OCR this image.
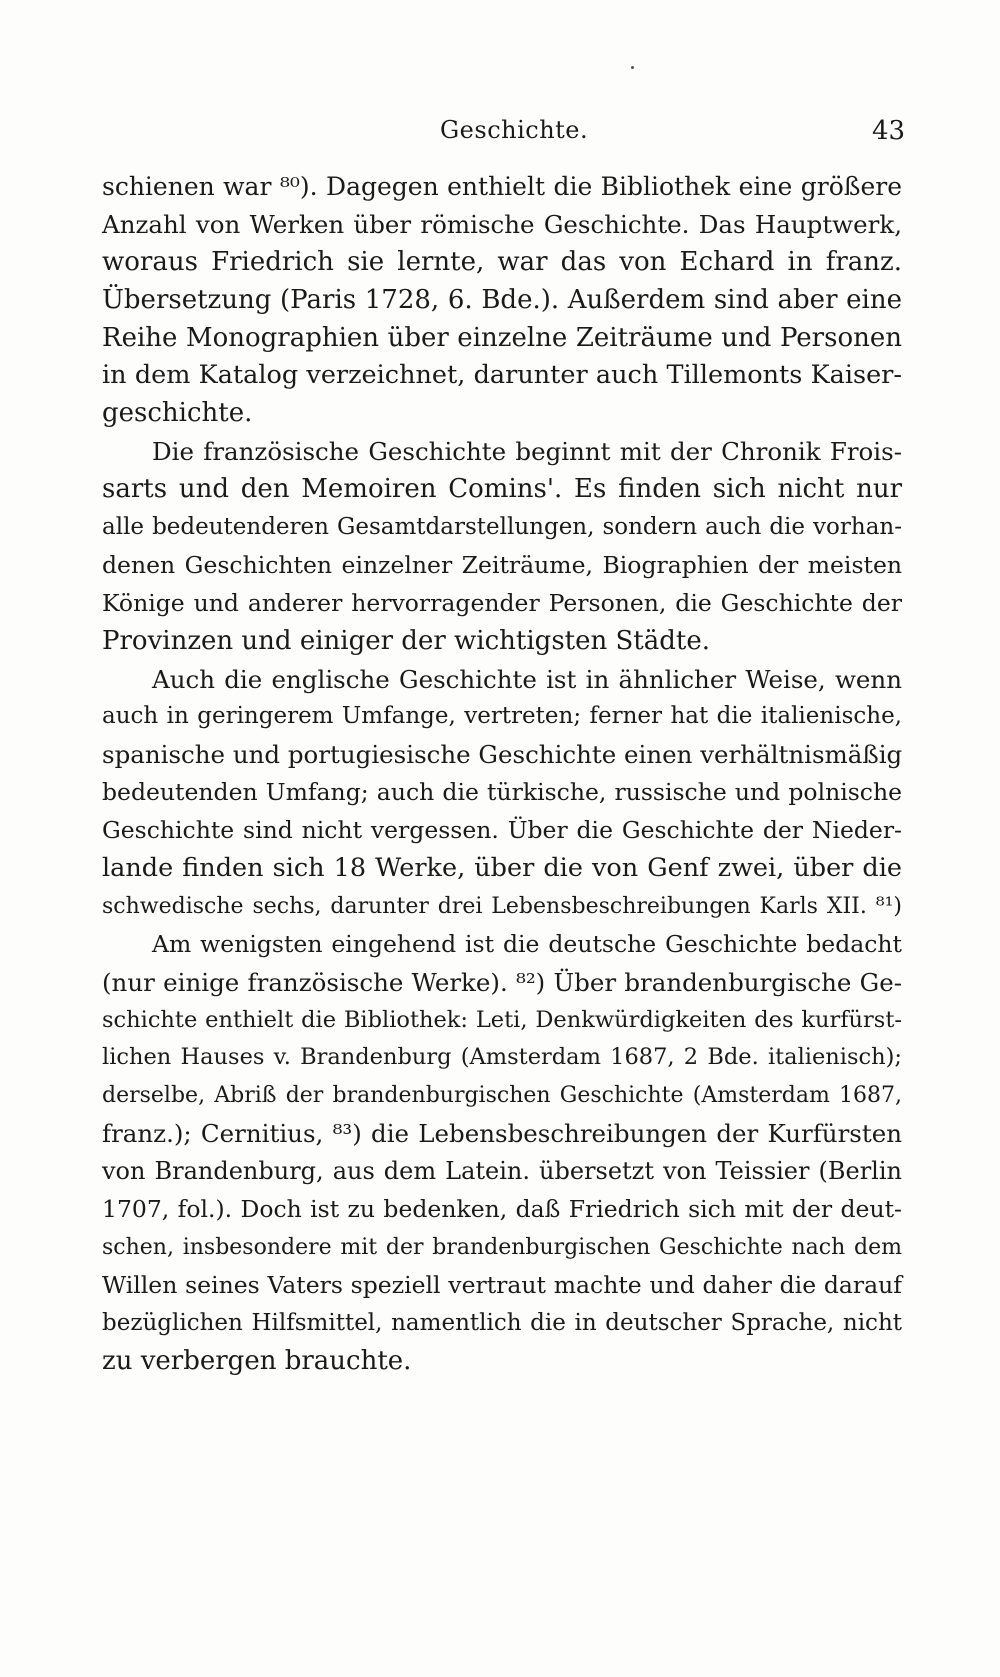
Geschichte.	43
schienen war ⁸⁰). Dagegen enthielt die Bibliothek eine größere
Anzahl von Werken über römische Geschichte. Das Hauptwerk,
woraus Friedrich sie lernte, war das von Echard in franz.
Übersetzung (Paris 1728, 6. Bde.). Außerdem sind aber eine
Reihe Monographien über einzelne Zeiträume und Personen
in dem Katalog verzeichnet, darunter auch Tillemonts Kaiser-
geschichte.
Die französische Geschichte beginnt mit der Chronik Frois-
sarts und den Memoiren Comins'. Es finden sich nicht nur
alle bedeutenderen Gesamtdarstellungen, sondern auch die vorhan-
denen Geschichten einzelner Zeiträume, Biographien der meisten
Könige und anderer hervorragender Personen, die Geschichte der
Provinzen und einiger der wichtigsten Städte.
Auch die englische Geschichte ist in ähnlicher Weise, wenn
auch in geringerem Umfange, vertreten; ferner hat die italienische,
spanische und portugiesische Geschichte einen verhältnismäßig
bedeutenden Umfang; auch die türkische, russische und polnische
Geschichte sind nicht vergessen. Über die Geschichte der Nieder-
lande finden sich 18 Werke, über die von Genf zwei, über die
schwedische sechs, darunter drei Lebensbeschreibungen Karls XII. ⁸¹)
Am wenigsten eingehend ist die deutsche Geschichte bedacht
(nur einige französische Werke). ⁸²) Über brandenburgische Ge-
schichte enthielt die Bibliothek: Leti, Denkwürdigkeiten des kurfürst-
lichen Hauses v. Brandenburg (Amsterdam 1687, 2 Bde. italienisch);
derselbe, Abriß der brandenburgischen Geschichte (Amsterdam 1687,
franz.); Cernitius, ⁸³) die Lebensbeschreibungen der Kurfürsten
von Brandenburg, aus dem Latein. übersetzt von Teissier (Berlin
1707, fol.). Doch ist zu bedenken, daß Friedrich sich mit der deut-
schen, insbesondere mit der brandenburgischen Geschichte nach dem
Willen seines Vaters speziell vertraut machte und daher die darauf
bezüglichen Hilfsmittel, namentlich die in deutscher Sprache, nicht
zu verbergen brauchte.
